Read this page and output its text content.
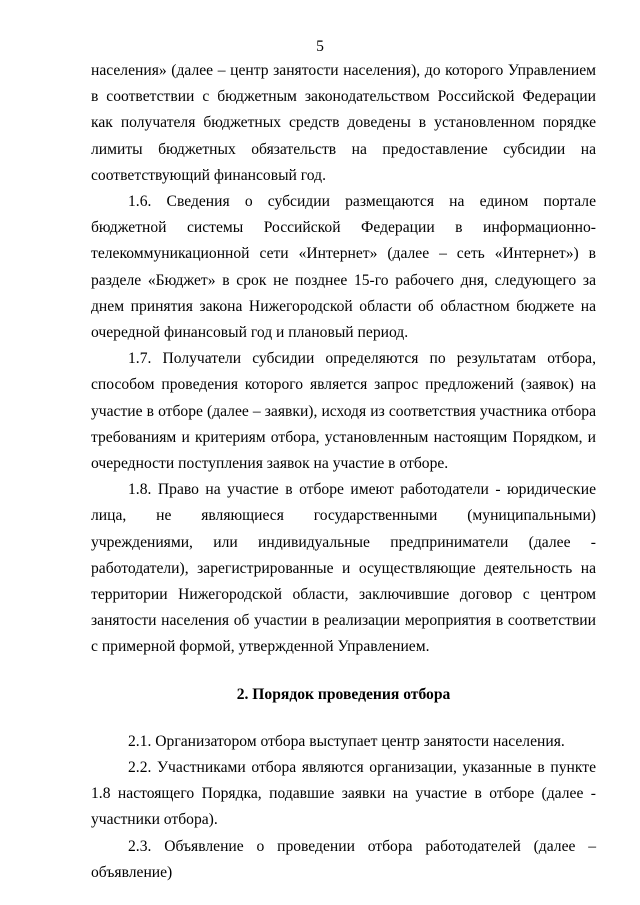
5

населения» (далее – центр занятости населения), до которого Управлением в соответствии с бюджетным законодательством Российской Федерации как получателя бюджетных средств доведены в установленном порядке лимиты бюджетных обязательств на предоставление субсидии на соответствующий финансовый год.

1.6. Сведения о субсидии размещаются на едином портале бюджетной системы Российской Федерации в информационно-телекоммуникационной сети «Интернет» (далее – сеть «Интернет») в разделе «Бюджет» в срок не позднее 15-го рабочего дня, следующего за днем принятия закона Нижегородской области об областном бюджете на очередной финансовый год и плановый период.

1.7. Получатели субсидии определяются по результатам отбора, способом проведения которого является запрос предложений (заявок) на участие в отборе (далее – заявки), исходя из соответствия участника отбора требованиям и критериям отбора, установленным настоящим Порядком, и очередности поступления заявок на участие в отборе.

1.8. Право на участие в отборе имеют работодатели - юридические лица, не являющиеся государственными (муниципальными) учреждениями, или индивидуальные предприниматели (далее - работодатели), зарегистрированные и осуществляющие деятельность на территории Нижегородской области, заключившие договор с центром занятости населения об участии в реализации мероприятия в соответствии с примерной формой, утвержденной Управлением.

2. Порядок проведения отбора

2.1. Организатором отбора выступает центр занятости населения.

2.2. Участниками отбора являются организации, указанные в пункте 1.8 настоящего Порядка, подавшие заявки на участие в отборе (далее - участники отбора).

2.3. Объявление о проведении отбора работодателей (далее – объявление)
